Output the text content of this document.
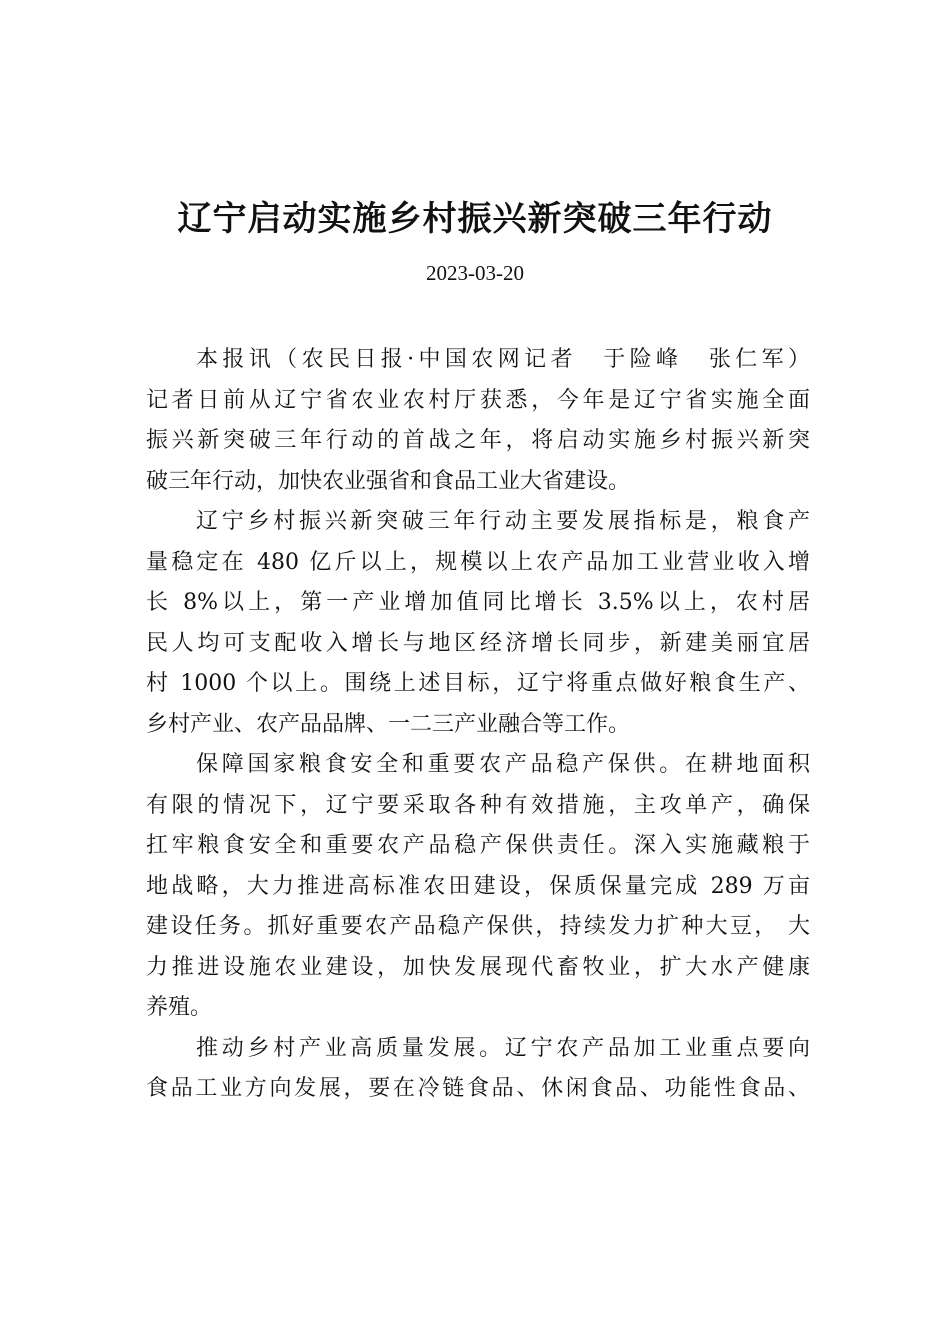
辽宁启动实施乡村振兴新突破三年行动
2023-03-20
本报讯（农民日报·中国农网记者　于险峰　张仁军）
记者日前从辽宁省农业农村厅获悉，今年是辽宁省实施全面
振兴新突破三年行动的首战之年，将启动实施乡村振兴新突
破三年行动，加快农业强省和食品工业大省建设。
辽宁乡村振兴新突破三年行动主要发展指标是，粮食产
量稳定在 480 亿斤以上，规模以上农产品加工业营业收入增
长 8%以上，第一产业增加值同比增长 3.5%以上，农村居
民人均可支配收入增长与地区经济增长同步，新建美丽宜居
村 1000 个以上。围绕上述目标，辽宁将重点做好粮食生产、
乡村产业、农产品品牌、一二三产业融合等工作。
保障国家粮食安全和重要农产品稳产保供。在耕地面积
有限的情况下，辽宁要采取各种有效措施，主攻单产，确保
扛牢粮食安全和重要农产品稳产保供责任。深入实施藏粮于
地战略，大力推进高标准农田建设，保质保量完成 289 万亩
建设任务。抓好重要农产品稳产保供，持续发力扩种大豆， 大
力推进设施农业建设，加快发展现代畜牧业，扩大水产健康
养殖。
推动乡村产业高质量发展。辽宁农产品加工业重点要向
食品工业方向发展，要在冷链食品、休闲食品、功能性食品、
